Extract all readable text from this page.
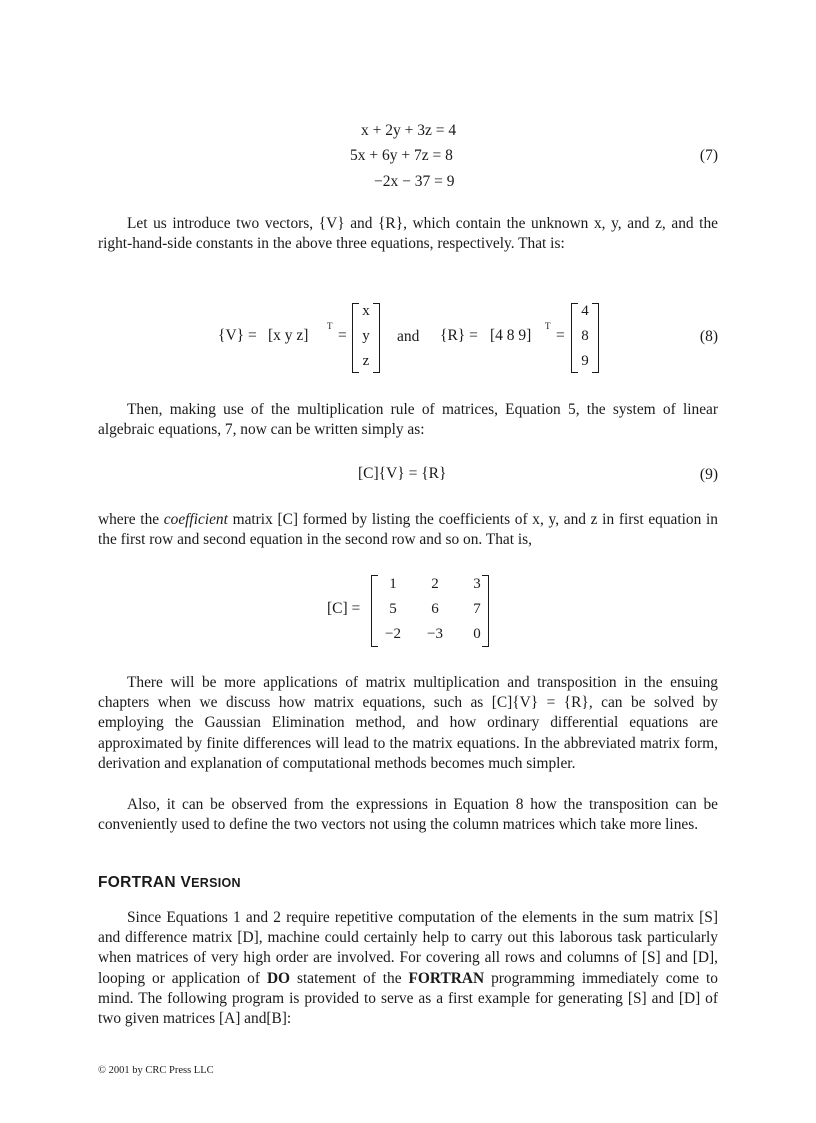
x + 2y + 3z = 4
5x + 6y + 7z = 8
−2x − 37 = 9
(7)

Let us introduce two vectors, {V} and {R}, which contain the unknown x, y, and z, and the right-hand-side constants in the above three equations, respectively. That is:

{V} = [x y z]
T
=
x
y
z
and {R} = [4 8 9]
T
=
4
8
9
(8)

Then, making use of the multiplication rule of matrices, Equation 5, the system of linear algebraic equations, 7, now can be written simply as:

[C]{V} = {R}	(9)

where the coefficient matrix [C] formed by listing the coefficients of x, y, and z in first equation in the first row and second equation in the second row and so on. That is,

[C] =
1	2	3
5	6	7
−2	−3	0

There will be more applications of matrix multiplication and transposition in the ensuing chapters when we discuss how matrix equations, such as [C]{V} = {R}, can be solved by employing the Gaussian Elimination method, and how ordinary differential equations are approximated by finite differences will lead to the matrix equations. In the abbreviated matrix form, derivation and explanation of computational methods becomes much simpler.

Also, it can be observed from the expressions in Equation 8 how the transposition can be conveniently used to define the two vectors not using the column matrices which take more lines.

FORTRAN VERSION

Since Equations 1 and 2 require repetitive computation of the elements in the sum matrix [S] and difference matrix [D], machine could certainly help to carry out this laborous task particularly when matrices of very high order are involved. For covering all rows and columns of [S] and [D], looping or application of DO statement of the FORTRAN programming immediately come to mind. The following program is provided to serve as a first example for generating [S] and [D] of two given matrices [A] and[B]:

© 2001 by CRC Press LLC
